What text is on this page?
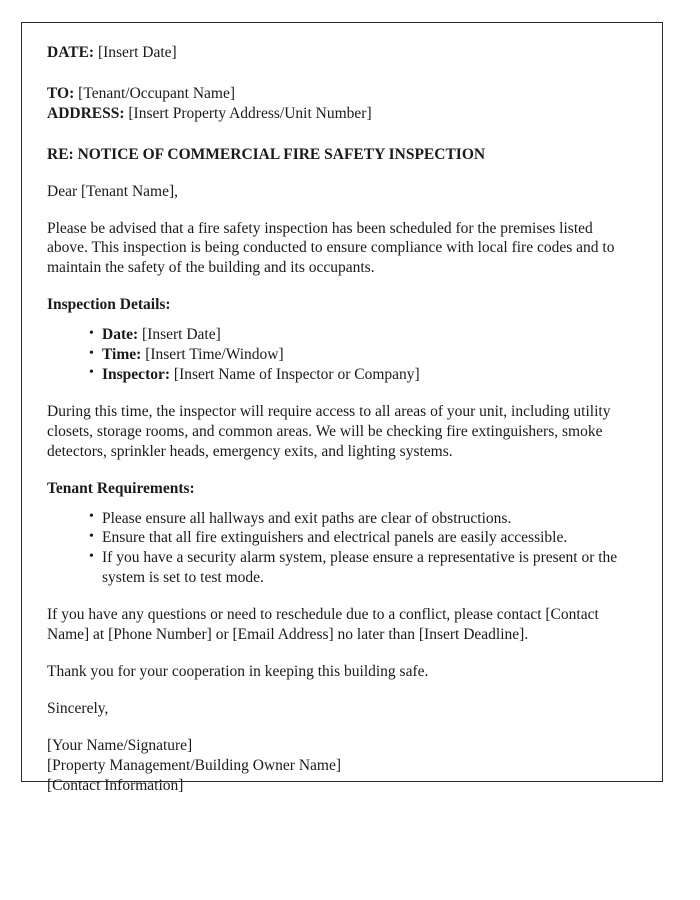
DATE: [Insert Date]

TO: [Tenant/Occupant Name]

ADDRESS: [Insert Property Address/Unit Number]

RE: NOTICE OF COMMERCIAL FIRE SAFETY INSPECTION

Dear [Tenant Name],

Please be advised that a fire safety inspection has been scheduled for the premises listed above. This inspection is being conducted to ensure compliance with local fire codes and to maintain the safety of the building and its occupants.

Inspection Details:

• Date: [Insert Date]
• Time: [Insert Time/Window]
• Inspector: [Insert Name of Inspector or Company]

During this time, the inspector will require access to all areas of your unit, including utility closets, storage rooms, and common areas. We will be checking fire extinguishers, smoke detectors, sprinkler heads, emergency exits, and lighting systems.

Tenant Requirements:

• Please ensure all hallways and exit paths are clear of obstructions.
• Ensure that all fire extinguishers and electrical panels are easily accessible.
• If you have a security alarm system, please ensure a representative is present or the system is set to test mode.

If you have any questions or need to reschedule due to a conflict, please contact [Contact Name] at [Phone Number] or [Email Address] no later than [Insert Deadline].

Thank you for your cooperation in keeping this building safe.

Sincerely,

[Your Name/Signature]

[Property Management/Building Owner Name]

[Contact Information]
